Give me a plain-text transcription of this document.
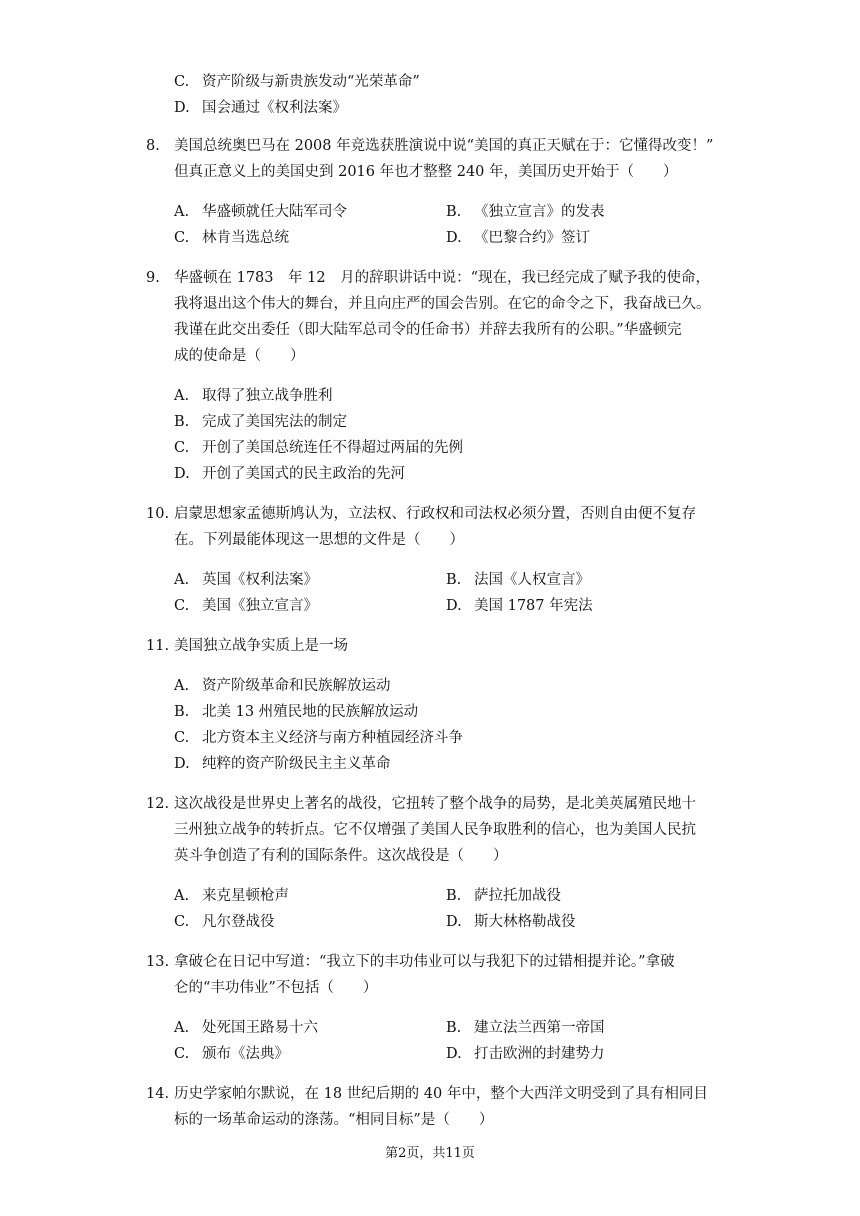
C. 资产阶级与新贵族发动“光荣革命”
D. 国会通过《权利法案》
8. 美国总统奥巴马在 2008 年竞选获胜演说中说“美国的真正天赋在于：它懂得改变！”
但真正意义上的美国史到 2016 年也才整整 240 年，美国历史开始于（　　）
A. 华盛顿就任大陆军司令	B. 《独立宣言》的发表
C. 林肯当选总统	D. 《巴黎合约》签订
9. 华盛顿在 1783　年 12　月的辞职讲话中说：“现在，我已经完成了赋予我的使命，
我将退出这个伟大的舞台，并且向庄严的国会告别。在它的命令之下，我奋战已久。
我谨在此交出委任（即大陆军总司令的任命书）并辞去我所有的公职。”华盛顿完
成的使命是（　　）
A. 取得了独立战争胜利
B. 完成了美国宪法的制定
C. 开创了美国总统连任不得超过两届的先例
D. 开创了美国式的民主政治的先河
10. 启蒙思想家孟德斯鸠认为，立法权、行政权和司法权必须分置，否则自由便不复存
在。下列最能体现这一思想的文件是（　　）
A. 英国《权利法案》	B. 法国《人权宣言》
C. 美国《独立宣言》	D. 美国 1787 年宪法
11. 美国独立战争实质上是一场
A. 资产阶级革命和民族解放运动
B. 北美 13 州殖民地的民族解放运动
C. 北方资本主义经济与南方种植园经济斗争
D. 纯粹的资产阶级民主主义革命
12. 这次战役是世界史上著名的战役，它扭转了整个战争的局势，是北美英属殖民地十
三州独立战争的转折点。它不仅增强了美国人民争取胜利的信心，也为美国人民抗
英斗争创造了有利的国际条件。这次战役是（　　）
A. 来克星顿枪声	B. 萨拉托加战役
C. 凡尔登战役	D. 斯大林格勒战役
13. 拿破仑在日记中写道：“我立下的丰功伟业可以与我犯下的过错相提并论。”拿破
仑的“丰功伟业”不包括（　　）
A. 处死国王路易十六	B. 建立法兰西第一帝国
C. 颁布《法典》	D. 打击欧洲的封建势力
14. 历史学家帕尔默说，在 18 世纪后期的 40 年中，整个大西洋文明受到了具有相同目
标的一场革命运动的涤荡。“相同目标”是（　　）
第2页，共11页
